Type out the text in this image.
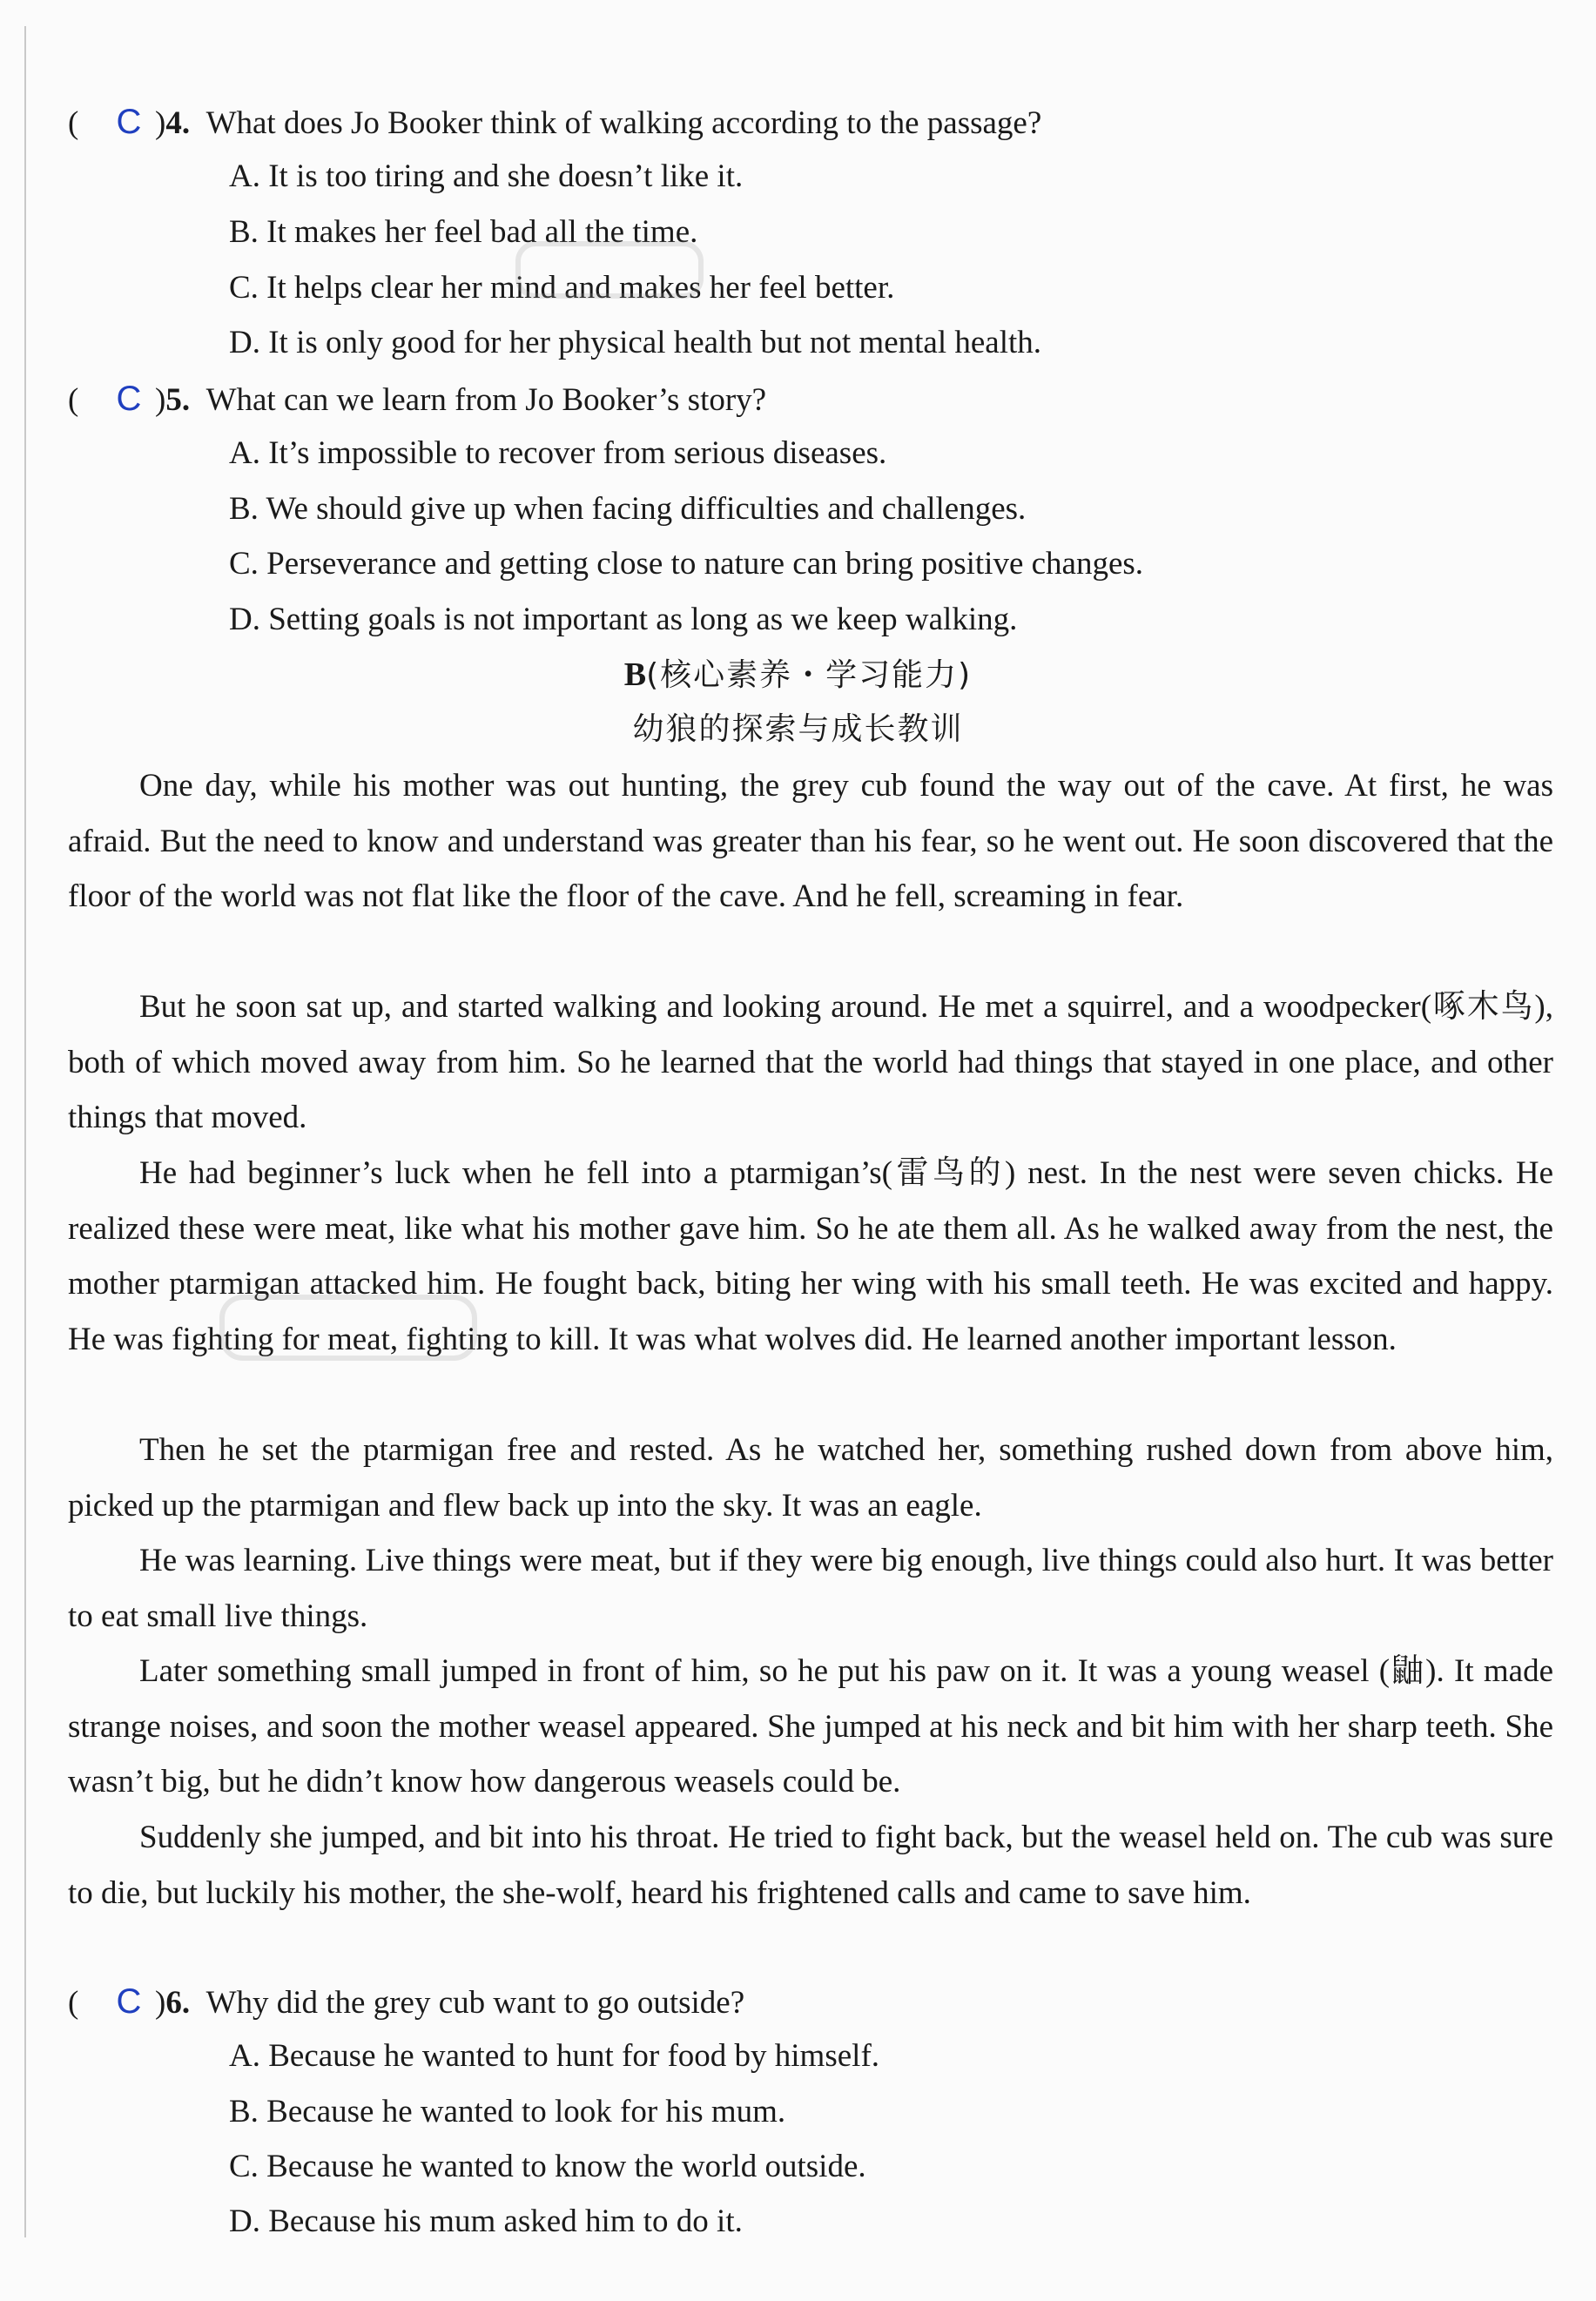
( C )4. What does Jo Booker think of walking according to the passage?
A. It is too tiring and she doesn’t like it.
B. It makes her feel bad all the time.
C. It helps clear her mind and makes her feel better.
D. It is only good for her physical health but not mental health.
( C )5. What can we learn from Jo Booker’s story?
A. It’s impossible to recover from serious diseases.
B. We should give up when facing difficulties and challenges.
C. Perseverance and getting close to nature can bring positive changes.
D. Setting goals is not important as long as we keep walking.
B(核心素养・学习能力)
幼狼的探索与成长教训

One day, while his mother was out hunting, the grey cub found the way out of the cave. At first, he was afraid. But the need to know and understand was greater than his fear, so he went out. He soon discovered that the floor of the world was not flat like the floor of the cave. And he fell, screaming in fear.

But he soon sat up, and started walking and looking around. He met a squirrel, and a woodpecker(啄木鸟), both of which moved away from him. So he learned that the world had things that stayed in one place, and other things that moved.

He had beginner’s luck when he fell into a ptarmigan’s(雷鸟的) nest. In the nest were seven chicks. He realized these were meat, like what his mother gave him. So he ate them all. As he walked away from the nest, the mother ptarmigan attacked him. He fought back, biting her wing with his small teeth. He was excited and happy. He was fighting for meat, fighting to kill. It was what wolves did. He learned another important lesson.

Then he set the ptarmigan free and rested. As he watched her, something rushed down from above him, picked up the ptarmigan and flew back up into the sky. It was an eagle.

He was learning. Live things were meat, but if they were big enough, live things could also hurt. It was better to eat small live things.

Later something small jumped in front of him, so he put his paw on it. It was a young weasel (鼬). It made strange noises, and soon the mother weasel appeared. She jumped at his neck and bit him with her sharp teeth. She wasn’t big, but he didn’t know how dangerous weasels could be.

Suddenly she jumped, and bit into his throat. He tried to fight back, but the weasel held on. The cub was sure to die, but luckily his mother, the she-wolf, heard his frightened calls and came to save him.

( C )6. Why did the grey cub want to go outside?
A. Because he wanted to hunt for food by himself.
B. Because he wanted to look for his mum.
C. Because he wanted to know the world outside.
D. Because his mum asked him to do it.
